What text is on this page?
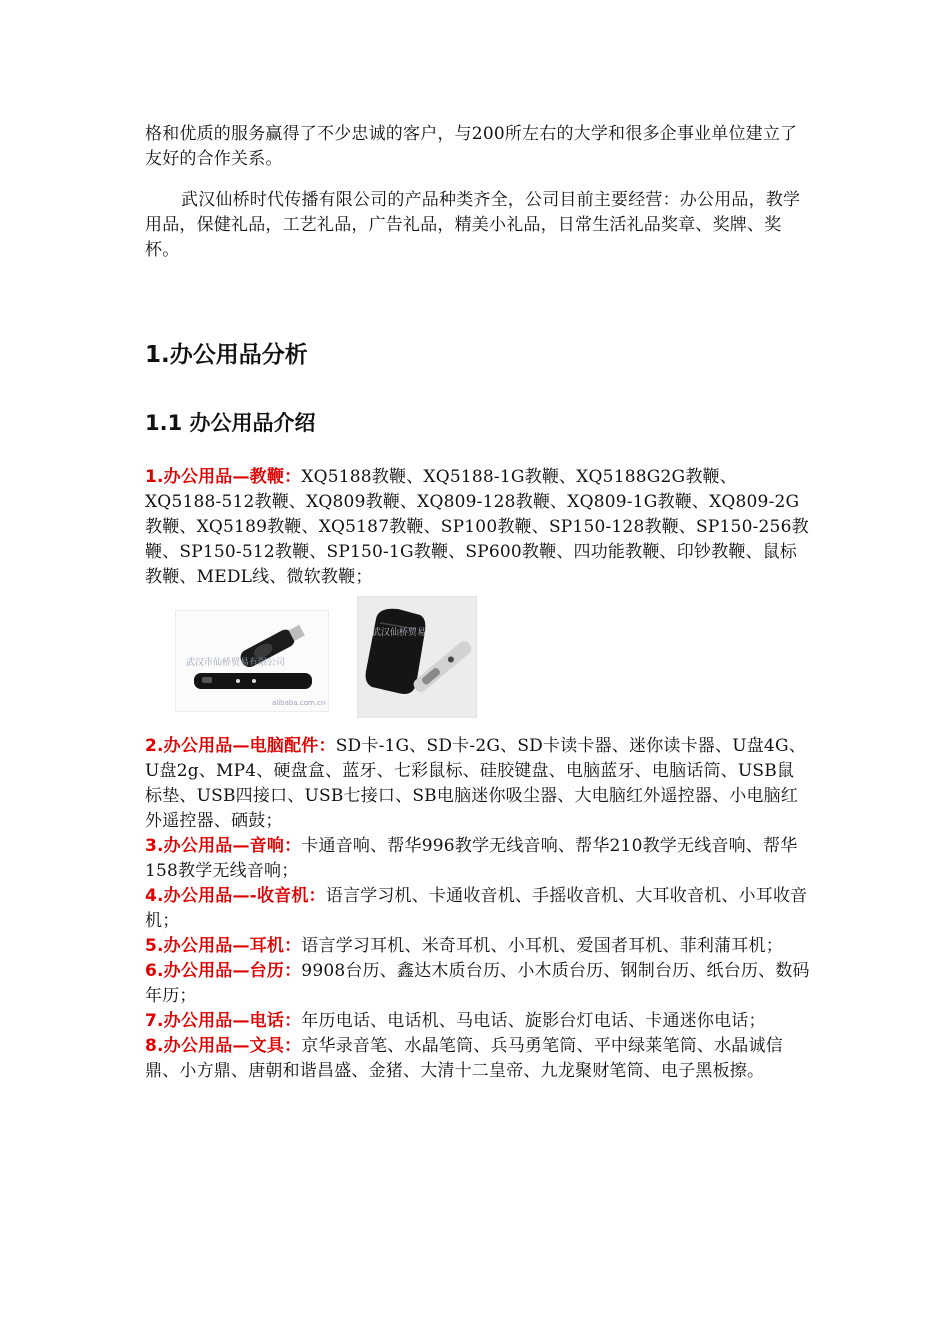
格和优质的服务赢得了不少忠诚的客户，与200所左右的大学和很多企事业单位建立了友好的合作关系。

武汉仙桥时代传播有限公司的产品种类齐全，公司目前主要经营：办公用品，教学用品，保健礼品，工艺礼品，广告礼品，精美小礼品，日常生活礼品奖章、奖牌、奖杯。

1.办公用品分析
1.1 办公用品介绍

1.办公用品—教鞭：XQ5188教鞭、XQ5188-1G教鞭、XQ5188G2G教鞭、XQ5188-512教鞭、XQ809教鞭、XQ809-128教鞭、XQ809-1G教鞭、XQ809-2G教鞭、XQ5189教鞭、XQ5187教鞭、SP100教鞭、SP150-128教鞭、SP150-256教鞭、SP150-512教鞭、SP150-1G教鞭、SP600教鞭、四功能教鞭、印钞教鞭、鼠标教鞭、MEDL线、微软教鞭；

武汉市仙桥贸易有限公司
alibaba.com.cn
武汉仙桥贸易

2.办公用品—电脑配件：SD卡-1G、SD卡-2G、SD卡读卡器、迷你读卡器、U盘4G、U盘2g、MP4、硬盘盒、蓝牙、七彩鼠标、硅胶键盘、电脑蓝牙、电脑话筒、USB鼠标垫、USB四接口、USB七接口、SB电脑迷你吸尘器、大电脑红外遥控器、小电脑红外遥控器、硒鼓；

3.办公用品—音响：卡通音响、帮华996教学无线音响、帮华210教学无线音响、帮华158教学无线音响；

4.办公用品—-收音机：语言学习机、卡通收音机、手摇收音机、大耳收音机、小耳收音机；

5.办公用品—耳机：语言学习耳机、米奇耳机、小耳机、爱国者耳机、菲利蒲耳机；

6.办公用品—台历：9908台历、鑫达木质台历、小木质台历、钢制台历、纸台历、数码年历；

7.办公用品—电话：年历电话、电话机、马电话、旋影台灯电话、卡通迷你电话；

8.办公用品—文具：京华录音笔、水晶笔筒、兵马勇笔筒、平中绿莱笔筒、水晶诚信鼎、小方鼎、唐朝和谐昌盛、金猪、大清十二皇帝、九龙聚财笔筒、电子黑板擦。
